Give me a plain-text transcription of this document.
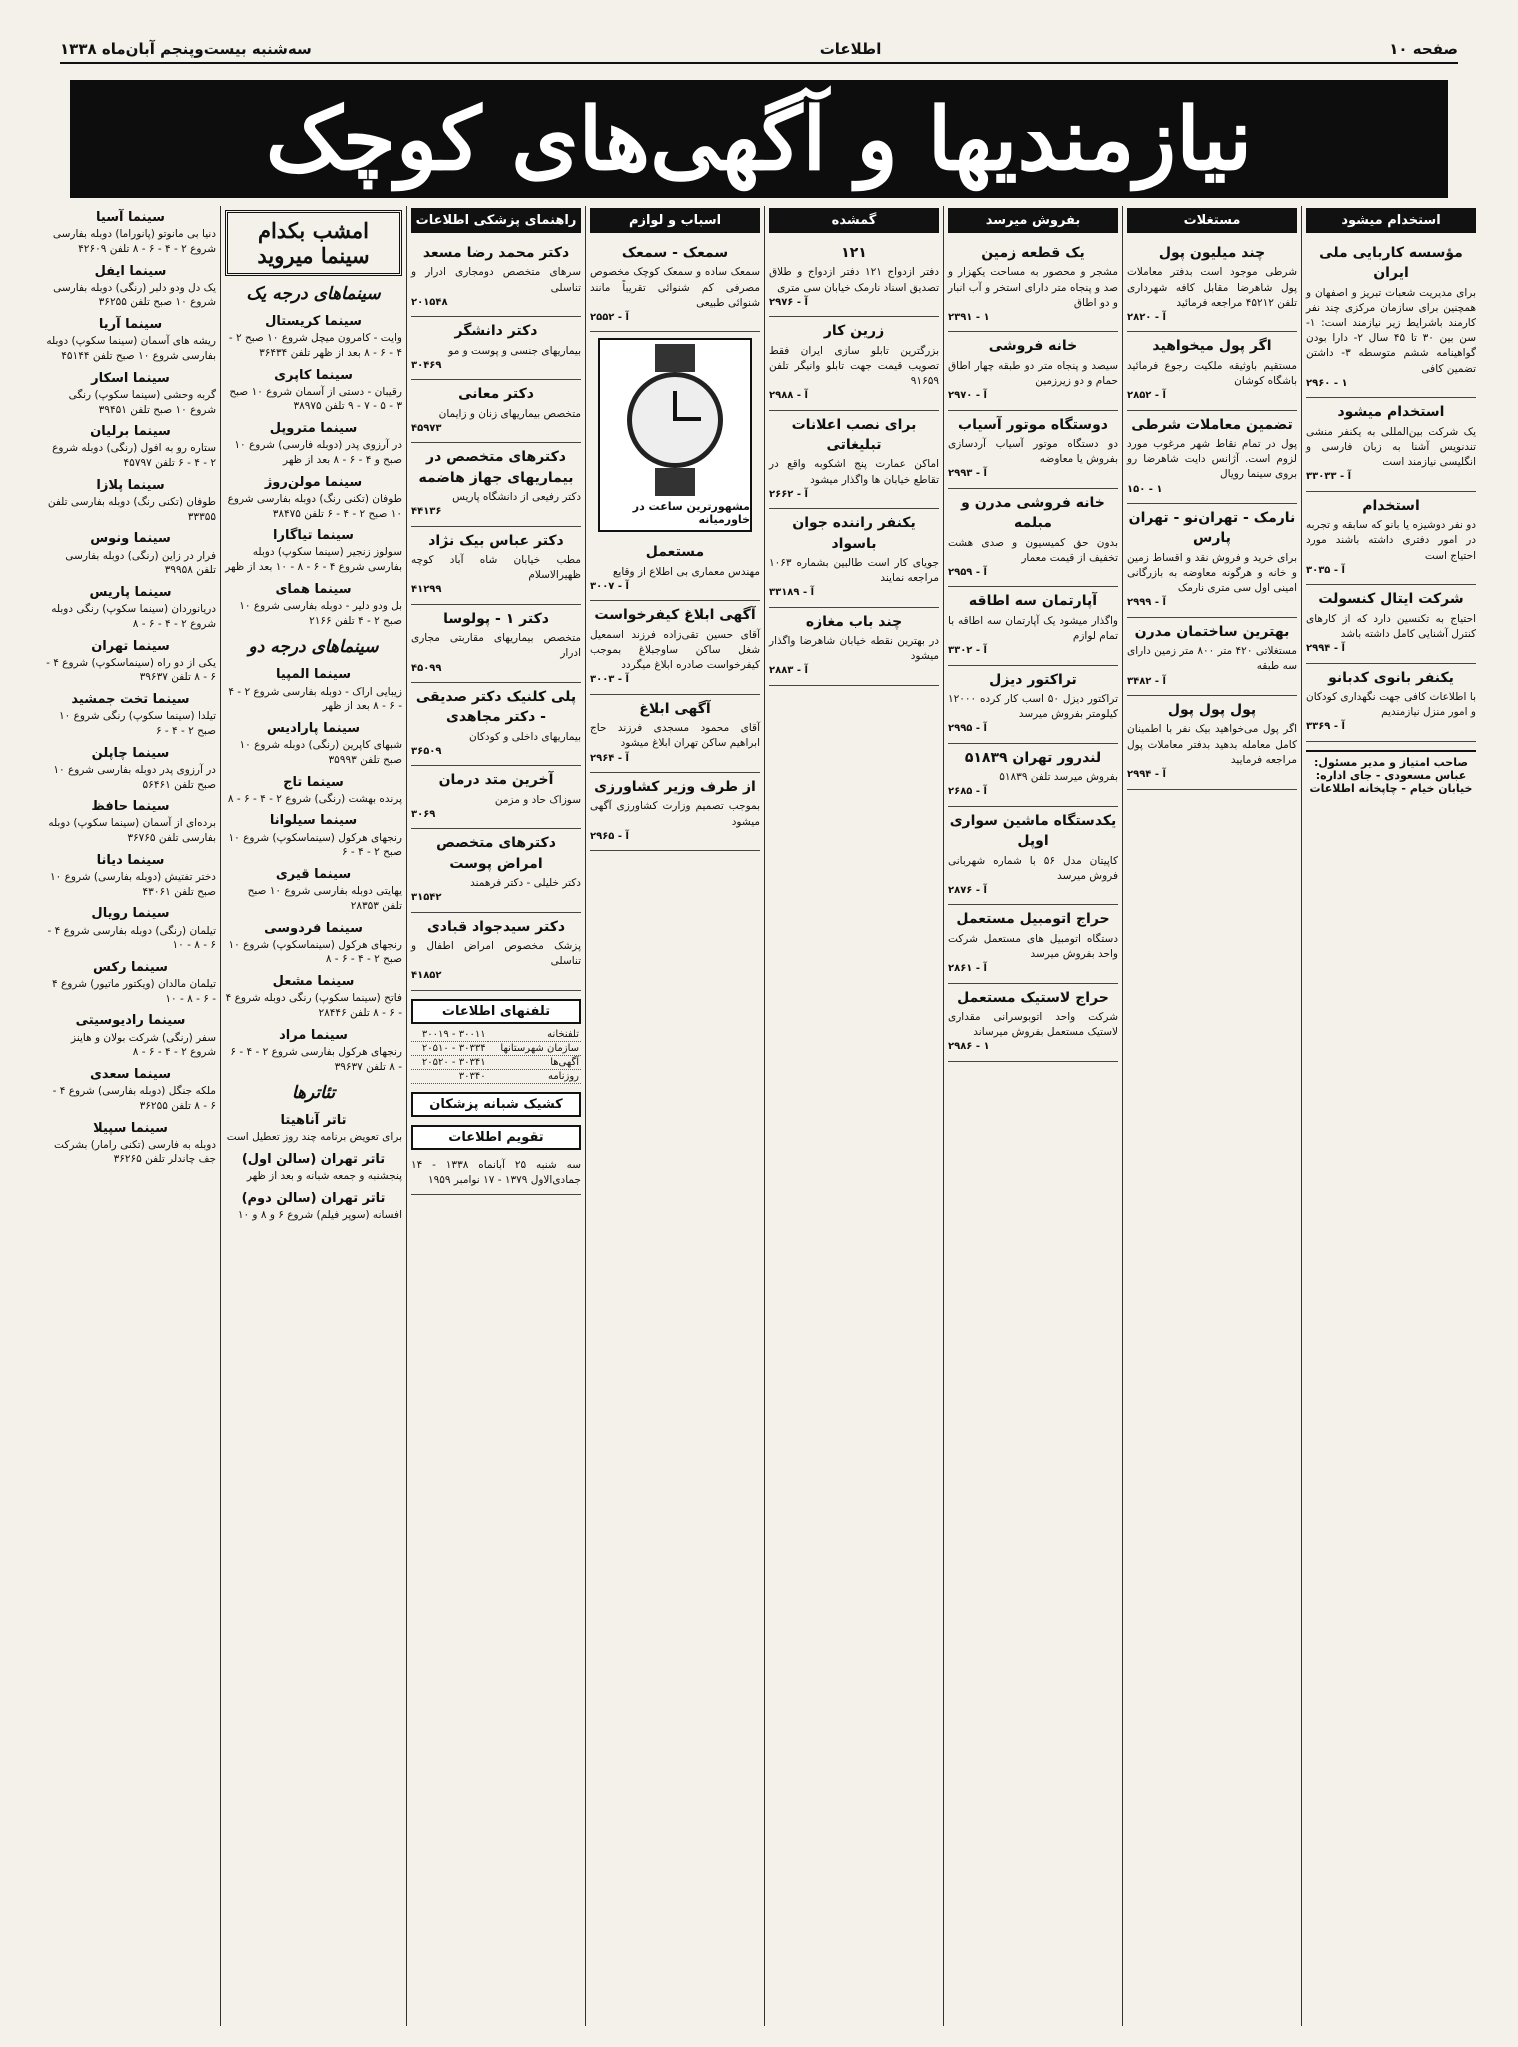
صفحه ۱۰
اطلاعات
سه‌شنبه بیست‌وپنجم آبان‌ماه ۱۳۳۸
نیازمندیها و آگهی‌های کوچک
استخدام میشود
مؤسسه کاربایی ملی ایران
برای مدیریت شعبات تبریز و اصفهان و همچنین برای سازمان مرکزی چند نفر کارمند باشرایط زیر نیازمند است: ۱- سن بین ۳۰ تا ۴۵ سال ۲- دارا بودن گواهینامه ششم متوسطه ۳- داشتن تضمین کافی
۲۹۶۰ - ۱
استخدام میشود
یک شرکت بین‌المللی به یکنفر منشی تندنویس آشنا به زبان فارسی و انگلیسی نیازمند است
۳۳۰۳۳ - آ
استخدام
دو نفر دوشیزه یا بانو که سابقه و تجربه در امور دفتری داشته باشند مورد احتیاج است
۳۰۳۵ - آ
شرکت ایتال کنسولت
احتیاج به تکنسین دارد که از کارهای کنترل آشنایی کامل داشته باشد
۲۹۹۴ - آ
یکنفر بانوی کدبانو
با اطلاعات کافی جهت نگهداری کودکان و امور منزل نیازمندیم
۳۳۶۹ - آ
صاحب امتیاز و مدیر مسئول: عباس مسعودی - جای اداره: خیابان خیام - چاپخانه اطلاعات
مستغلات
چند میلیون پول
شرطی موجود است بدفتر معاملات پول شاهرضا مقابل کافه شهرداری تلفن ۴۵۲۱۲ مراجعه فرمائید
۲۸۲۰ - آ
اگر پول میخواهید
مستقیم باوثیقه ملکیت رجوع فرمائید باشگاه کوشان
۲۸۵۲ - آ
تضمین معاملات شرطی
پول در تمام نقاط شهر مرغوب مورد لزوم است. آژانس دایت شاهرضا رو بروی سینما رویال
۱۵۰ - ۱
نارمک - تهران‌نو - تهران پارس
برای خرید و فروش نقد و اقساط زمین و خانه و هرگونه معاوضه به بازرگانی امینی اول سی متری نارمک
۲۹۹۹ - آ
بهترین ساختمان مدرن
مستغلاتی ۴۲۰ متر ۸۰۰ متر زمین دارای سه طبقه
۳۴۸۲ - آ
پول پول پول
اگر پول می‌خواهید بیک نفر با اطمینان کامل معامله بدهید بدفتر معاملات پول مراجعه فرمایید
۲۹۹۴ - آ
بفروش میرسد
یک قطعه زمین
مشجر و محصور به مساحت یکهزار و صد و پنجاه متر دارای استخر و آب انبار و دو اطاق
۲۳۹۱ - ۱
خانه فروشی
سیصد و پنجاه متر دو طبقه چهار اطاق حمام و دو زیرزمین
۲۹۷۰ - آ
دوستگاه موتور آسیاب
دو دستگاه موتور آسیاب آردسازی بفروش یا معاوضه
۲۹۹۳ - آ
خانه فروشی مدرن و مبلمه
بدون حق کمیسیون و صدی هشت تخفیف از قیمت معمار
۲۹۵۹ - آ
آپارتمان سه اطاقه
واگذار میشود یک آپارتمان سه اطاقه با تمام لوازم
۳۳۰۲ - آ
تراکتور دیزل
تراکتور دیزل ۵۰ اسب کار کرده ۱۲۰۰۰ کیلومتر بفروش میرسد
۲۹۹۵ - آ
لندرور تهران ۵۱۸۳۹
بفروش میرسد تلفن ۵۱۸۳۹
۲۶۸۵ - آ
یکدستگاه ماشین سواری اوپل
کاپیتان مدل ۵۶ با شماره شهربانی فروش میرسد
۲۸۷۶ - آ
حراج اتومبیل مستعمل
دستگاه اتومبیل های مستعمل شرکت واحد بفروش میرسد
۲۸۶۱ - آ
حراج لاستیک مستعمل
شرکت واحد اتوبوسرانی مقداری لاستیک مستعمل بفروش میرساند
۲۹۸۶ - ۱
گمشده
۱۲۱
دفتر ازدواج ۱۲۱ دفتر ازدواج و طلاق تصدیق اسناد نارمک خیابان سی متری
۲۹۷۶ - آ
زرین کار
بزرگترین تابلو سازی ایران فقط تصویب قیمت جهت تابلو وانیگر تلفن ۹۱۶۵۹
۲۹۸۸ - آ
برای نصب اعلانات تبلیغاتی
اماکن عمارت پنج اشکوبه واقع در تقاطع خیابان ها واگذار میشود
۲۶۶۲ - آ
یکنفر راننده جوان باسواد
جویای کار است طالبین بشماره ۱۰۶۳ مراجعه نمایند
۳۳۱۸۹ - آ
چند باب مغازه
در بهترین نقطه خیابان شاهرضا واگذار میشود
۲۸۸۳ - آ
اسباب و لوازم
سمعک - سمعک
سمعک ساده و سمعک کوچک مخصوص مصرفی کم شنوائی تقریباً مانند شنوائی طبیعی
۲۵۵۲ - آ
مشهورترین ساعت در خاورمیانه
مستعمل
مهندس معماری بی اطلاع از وقایع
۳۰۰۷ - آ
آگهی ابلاغ کیفرخواست
آقای حسین تقی‌زاده فرزند اسمعیل شغل ساکن ساوجبلاغ بموجب کیفرخواست صادره ابلاغ میگردد
۳۰۰۳ - آ
آگهی ابلاغ
آقای محمود مسجدی فرزند حاج ابراهیم ساکن تهران ابلاغ میشود
۲۹۶۴ - آ
از طرف وزیر کشاورزی
بموجب تصمیم وزارت کشاورزی آگهی میشود
۲۹۶۵ - آ
راهنمای پزشکی اطلاعات
دکتر محمد رضا مسعد
سرهای متخصص دومجاری ادرار و تناسلی
۲۰۱۵۴۸
دکتر دانشگر
بیماریهای جنسی و پوست و مو
۳۰۴۶۹
دکتر معانی
متخصص بیماریهای زنان و زایمان
۴۵۹۷۳
دکترهای متخصص در بیماریهای جهاز هاضمه
دکتر رفیعی از دانشگاه پاریس
۴۴۱۳۶
دکتر عباس بیک نژاد
مطب خیابان شاه آباد کوچه ظهیرالاسلام
۴۱۲۹۹
دکتر ۱ - پولوسا
متخصص بیماریهای مقاربتی مجاری ادرار
۴۵۰۹۹
پلی کلنیک دکتر صدیقی - دکتر مجاهدی
بیماریهای داخلی و کودکان
۳۶۵۰۹
آخرین متد درمان
سوزاک حاد و مزمن
۳۰۶۹
دکترهای متخصص امراض پوست
دکتر خلیلی - دکتر فرهمند
۳۱۵۴۲
دکتر سیدجواد قبادی
پزشک مخصوص امراض اطفال و تناسلی
۴۱۸۵۲
تلفنهای اطلاعات
تلفنخانه	۳۰۰۱۱ - ۳۰۰۱۹
سازمان شهرستانها	۳۰۳۳۴ - ۲۰۵۱۰
آگهی‌ها	۳۰۳۴۱ - ۲۰۵۲۰
روزنامه	۳۰۳۴۰
کشیک شبانه پزشکان
تقویم اطلاعات
سه شنبه ۲۵ آبانماه ۱۳۳۸ - ۱۴ جمادی‌الاول ۱۳۷۹ - ۱۷ نوامبر ۱۹۵۹
امشب بکدام سینما میروید
سینماهای درجه یک
سینما کریستال
وایت - کامرون میچل شروع ۱۰ صبح ۲ - ۴ - ۶ - ۸ بعد از ظهر تلفن ۳۶۴۳۴
سینما کاپری
رقیبان - دستی از آسمان شروع ۱۰ صبح ۳ - ۵ - ۷ - ۹ تلفن ۳۸۹۷۵
سینما متروپل
در آرزوی پدر (دوبله فارسی) شروع ۱۰ صبح و ۴ - ۶ - ۸ بعد از ظهر
سینما مولن‌روژ
طوفان (تکنی رنگ) دوبله بفارسی شروع ۱۰ صبح ۲ - ۴ - ۶ تلفن ۳۸۴۷۵
سینما تیاگارا
سولوز زنجیر (سینما سکوپ) دوبله بفارسی شروع ۴ - ۶ - ۸ - ۱۰ بعد از ظهر
سینما همای
بل ودو دلیر - دوبله بفارسی شروع ۱۰ صبح ۲ - ۴ تلفن ۲۱۶۶
سینماهای درجه دو
سینما المپیا
زیبایی اراک - دوبله بفارسی شروع ۲ - ۴ - ۶ - ۸ بعد از ظهر
سینما پارادیس
شبهای کاپرین (رنگی) دوبله شروع ۱۰ صبح تلفن ۳۵۹۹۳
سینما تاج
پرنده بهشت (رنگی) شروع ۲ - ۴ - ۶ - ۸
سینما سیلوانا
رنجهای هرکول (سینماسکوپ) شروع ۱۰ صبح ۲ - ۴ - ۶
سینما قیری
یهایتی دوبله بفارسی شروع ۱۰ صبح تلفن ۲۸۳۵۳
سینما فردوسی
رنجهای هرکول (سینماسکوپ) شروع ۱۰ صبح ۲ - ۴ - ۶ - ۸
سینما مشعل
فاتح (سینما سکوپ) رنگی دوبله شروع ۴ - ۶ - ۸ تلفن ۲۸۴۴۶
سینما مراد
رنجهای هرکول بفارسی شروع ۲ - ۴ - ۶ - ۸ تلفن ۳۹۶۳۷
تئاترها
تاتر آناهیتا
برای تعویض برنامه چند روز تعطیل است
تاتر تهران (سالن اول)
پنجشنبه و جمعه شبانه و بعد از ظهر
تاتر تهران (سالن دوم)
افسانه (سوپر فیلم) شروع ۶ و ۸ و ۱۰
سینما آسیا
دنیا بی مانوتو (پانوراما) دوبله بفارسی شروع ۲ - ۴ - ۶ - ۸ تلفن ۴۲۶۰۹
سینما ایفل
یک دل ودو دلبر (رنگی) دوبله بفارسی شروع ۱۰ صبح تلفن ۳۶۲۵۵
سینما آریا
ریشه های آسمان (سینما سکوپ) دوبله بفارسی شروع ۱۰ صبح تلفن ۴۵۱۴۴
سینما اسکار
گربه وحشی (سینما سکوپ) رنگی شروع ۱۰ صبح تلفن ۳۹۴۵۱
سینما برلیان
ستاره رو به افول (رنگی) دوبله شروع ۲ - ۴ - ۶ تلفن ۴۵۷۹۷
سینما پلازا
طوفان (تکنی رنگ) دوبله بفارسی تلفن ۳۳۳۵۵
سینما ونوس
فرار در زاین (رنگی) دوبله بفارسی تلفن ۳۹۹۵۸
سینما پاریس
دریانوردان (سینما سکوپ) رنگی دوبله شروع ۲ - ۴ - ۶ - ۸
سینما تهران
یکی از دو راه (سینماسکوپ) شروع ۴ - ۶ - ۸ تلفن ۳۹۶۳۷
سینما تخت جمشید
تیلدا (سینما سکوپ) رنگی شروع ۱۰ صبح ۲ - ۴ - ۶
سینما چاپلن
در آرزوی پدر دوبله بفارسی شروع ۱۰ صبح تلفن ۵۶۴۶۱
سینما حافظ
برده‌ای از آسمان (سینما سکوپ) دوبله بفارسی تلفن ۳۶۷۶۵
سینما دیانا
دختر تفتیش (دوبله بفارسی) شروع ۱۰ صبح تلفن ۴۳۰۶۱
سینما رویال
تیلمان (رنگی) دوبله بفارسی شروع ۴ - ۶ - ۸ - ۱۰
سینما رکس
تیلمان مالدان (ویکتور ماتیور) شروع ۴ - ۶ - ۸ - ۱۰
سینما رادیوسیتی
سفر (رنگی) شرکت بولان و هاینز شروع ۲ - ۴ - ۶ - ۸
سینما سعدی
ملکه جنگل (دوبله بفارسی) شروع ۴ - ۶ - ۸ تلفن ۳۶۲۵۵
سینما سپیلا
دوبله به فارسی (تکنی رامار) بشرکت جف چاندلر تلفن ۳۶۲۶۵
